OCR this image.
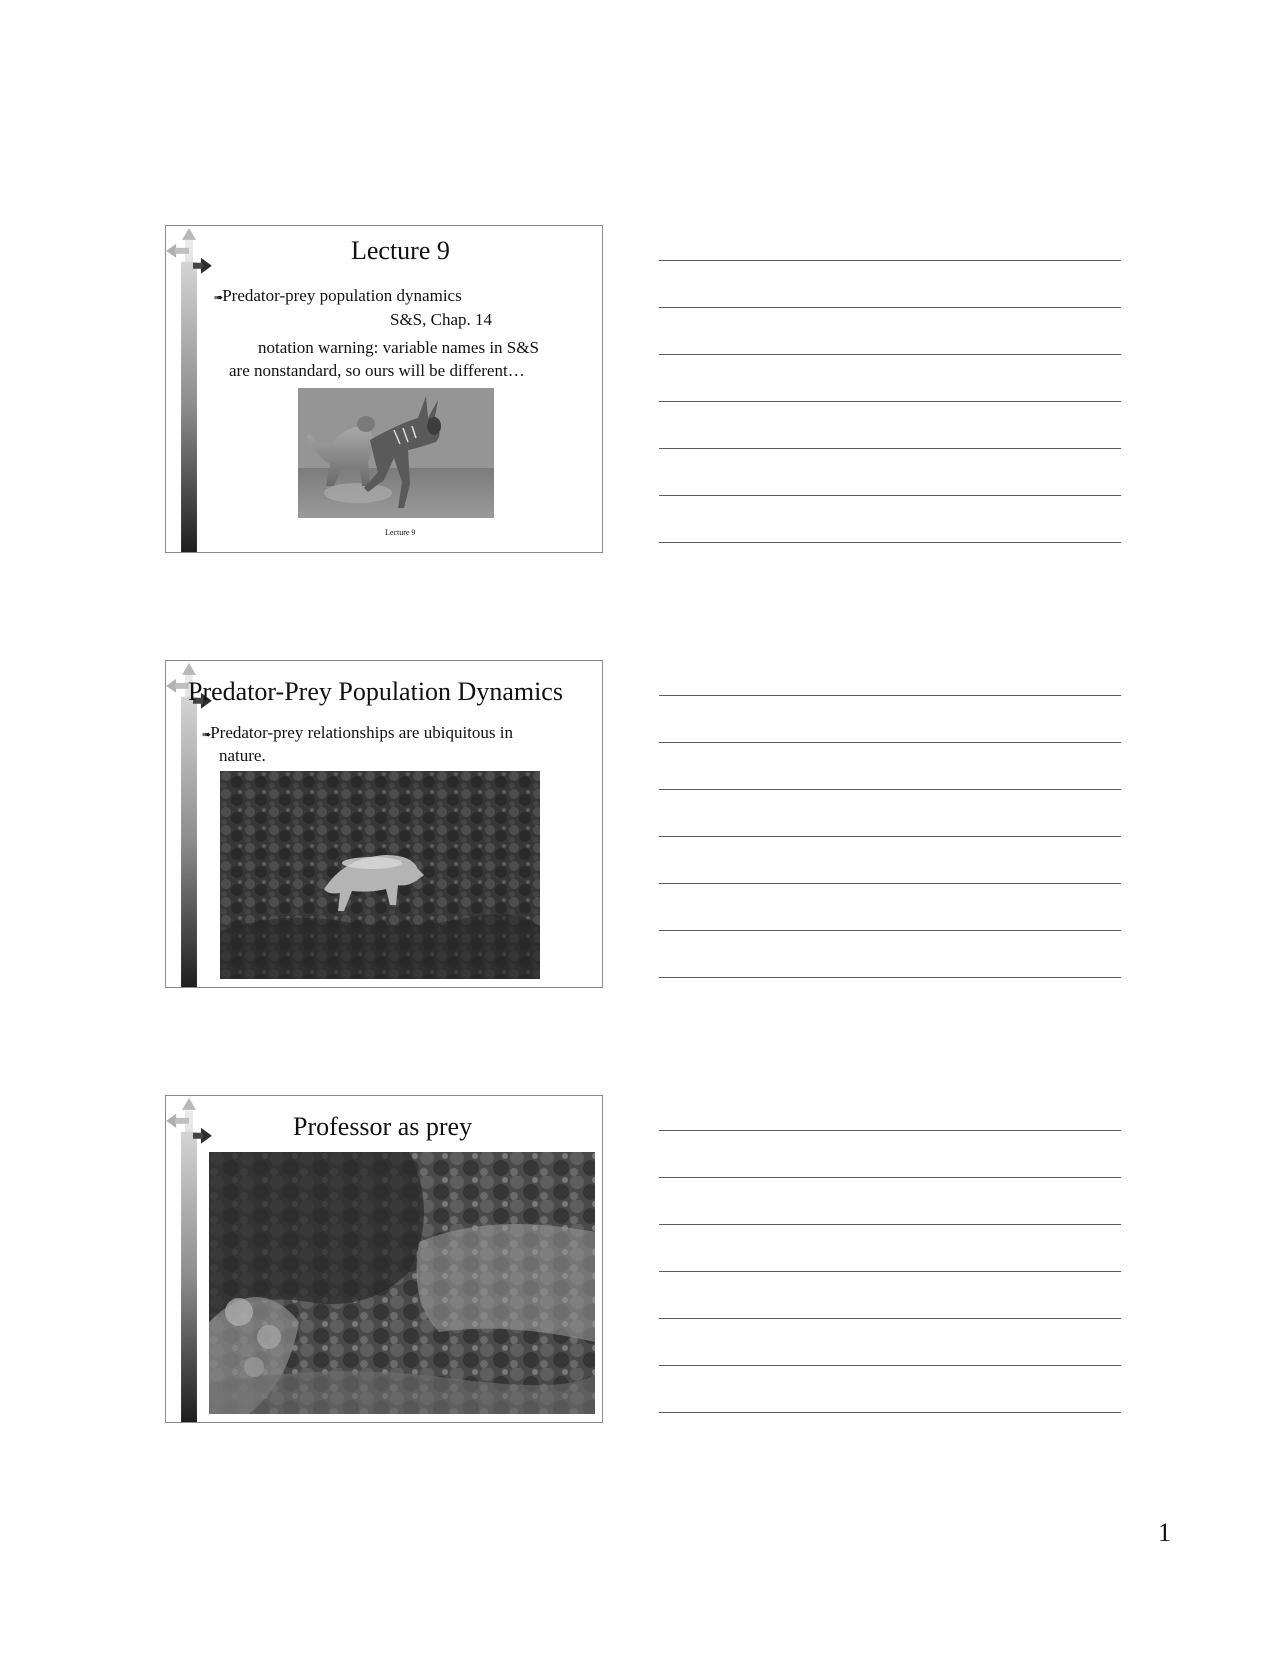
Lecture 9
➠Predator-prey population dynamics
S&S, Chap. 14
notation warning: variable names in S&S
are nonstandard, so ours will be different…
Lecture 9
Predator-Prey Population Dynamics
➠Predator-prey relationships are ubiquitous in
nature.
Professor as prey
1
